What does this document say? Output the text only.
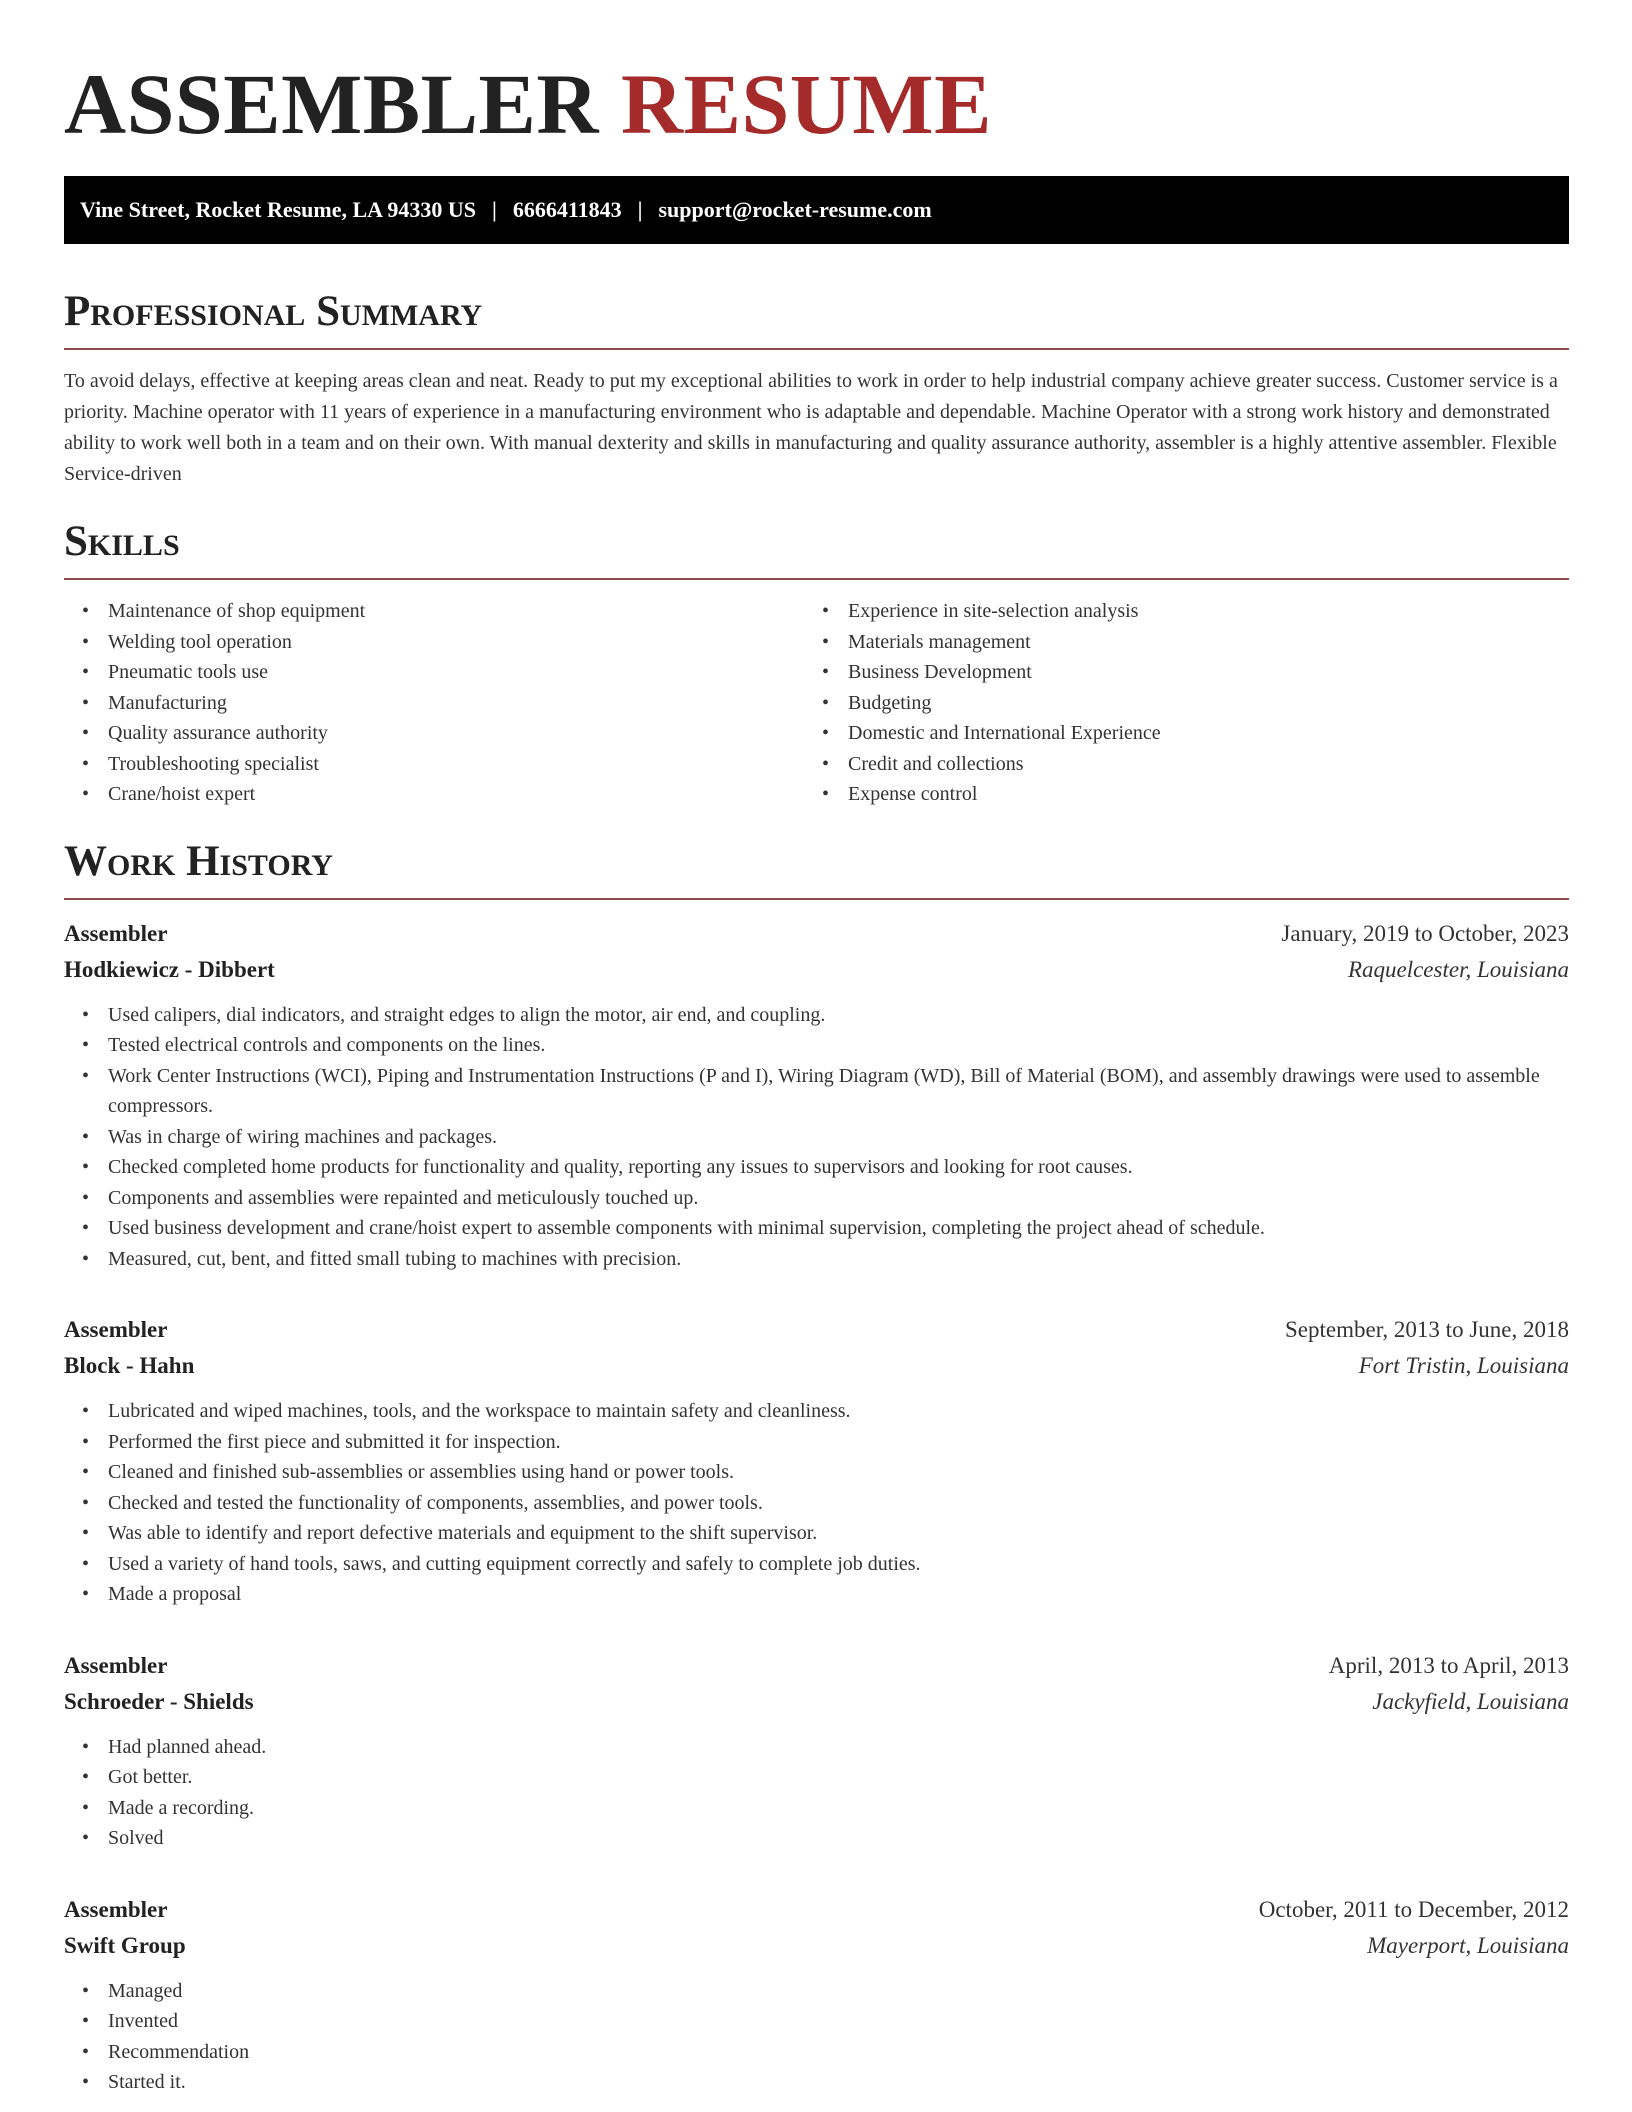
ASSEMBLER RESUME
Vine Street, Rocket Resume, LA 94330 US | 6666411843 | support@rocket-resume.com
Professional Summary

To avoid delays, effective at keeping areas clean and neat. Ready to put my exceptional abilities to work in order to help industrial company achieve greater success. Customer service is a priority. Machine operator with 11 years of experience in a manufacturing environment who is adaptable and dependable. Machine Operator with a strong work history and demonstrated ability to work well both in a team and on their own. With manual dexterity and skills in manufacturing and quality assurance authority, assembler is a highly attentive assembler. Flexible Service-driven

Skills
• Maintenance of shop equipment
• Welding tool operation
• Pneumatic tools use
• Manufacturing
• Quality assurance authority
• Troubleshooting specialist
• Crane/hoist expert
• Experience in site-selection analysis
• Materials management
• Business Development
• Budgeting
• Domestic and International Experience
• Credit and collections
• Expense control
Work History
Assembler	January, 2019 to October, 2023
Hodkiewicz - Dibbert	Raquelcester, Louisiana
• Used calipers, dial indicators, and straight edges to align the motor, air end, and coupling.
• Tested electrical controls and components on the lines.
• Work Center Instructions (WCI), Piping and Instrumentation Instructions (P and I), Wiring Diagram (WD), Bill of Material (BOM), and assembly drawings were used to assemble compressors.
• Was in charge of wiring machines and packages.
• Checked completed home products for functionality and quality, reporting any issues to supervisors and looking for root causes.
• Components and assemblies were repainted and meticulously touched up.
• Used business development and crane/hoist expert to assemble components with minimal supervision, completing the project ahead of schedule.
• Measured, cut, bent, and fitted small tubing to machines with precision.
Assembler	September, 2013 to June, 2018
Block - Hahn	Fort Tristin, Louisiana
• Lubricated and wiped machines, tools, and the workspace to maintain safety and cleanliness.
• Performed the first piece and submitted it for inspection.
• Cleaned and finished sub-assemblies or assemblies using hand or power tools.
• Checked and tested the functionality of components, assemblies, and power tools.
• Was able to identify and report defective materials and equipment to the shift supervisor.
• Used a variety of hand tools, saws, and cutting equipment correctly and safely to complete job duties.
• Made a proposal
Assembler	April, 2013 to April, 2013
Schroeder - Shields	Jackyfield, Louisiana
• Had planned ahead.
• Got better.
• Made a recording.
• Solved
Assembler	October, 2011 to December, 2012
Swift Group	Mayerport, Louisiana
• Managed
• Invented
• Recommendation
• Started it.
